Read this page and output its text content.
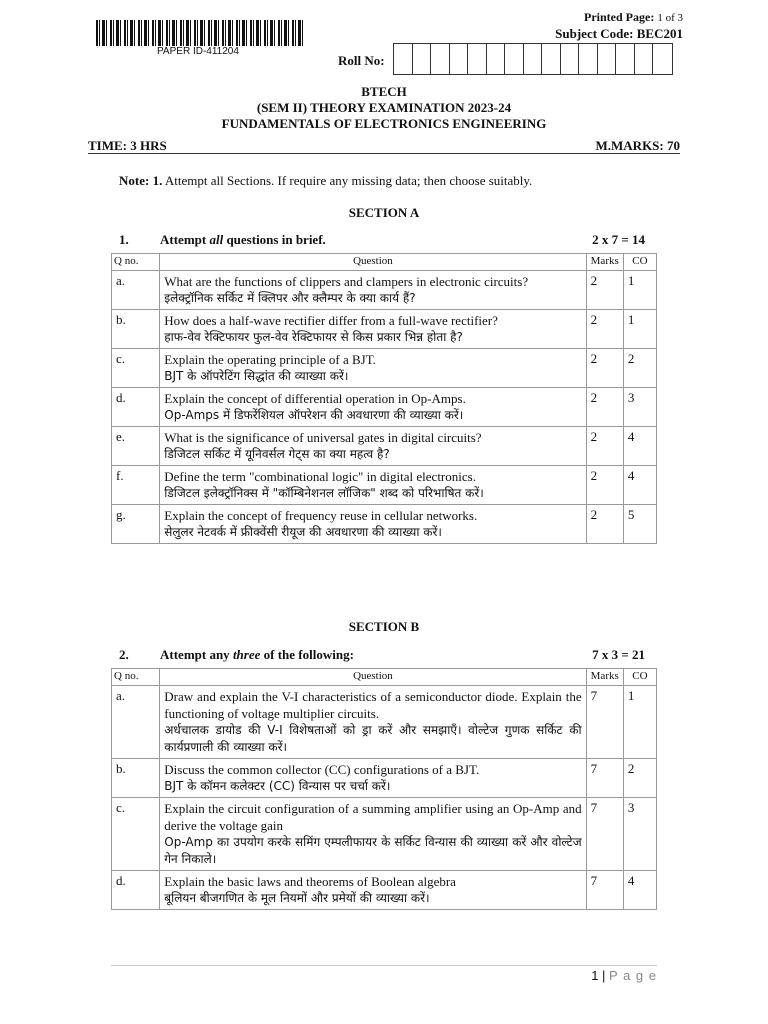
PAPER ID-411204
Printed Page: 1 of 3
Subject Code: BEC201
Roll No:
BTECH
(SEM II) THEORY EXAMINATION 2023-24
FUNDAMENTALS OF ELECTRONICS ENGINEERING
TIME: 3 HRS	M.MARKS: 70
Note: 1. Attempt all Sections. If require any missing data; then choose suitably.
SECTION A
1.	Attempt all questions in brief.	2 x 7 = 14
Q no.	Question	Marks	CO
a.	What are the functions of clippers and clampers in electronic circuits?
इलेक्ट्रॉनिक सर्किट में क्लिपर और क्लैम्पर के क्या कार्य हैं?	2	1
b.	How does a half-wave rectifier differ from a full-wave rectifier?
हाफ-वेव रेक्टिफायर फुल-वेव रेक्टिफायर से किस प्रकार भिन्न होता है?	2	1
c.	Explain the operating principle of a BJT.
BJT के ऑपरेटिंग सिद्धांत की व्याख्या करें।	2	2
d.	Explain the concept of differential operation in Op-Amps.
Op-Amps में डिफरेंशियल ऑपरेशन की अवधारणा की व्याख्या करें।	2	3
e.	What is the significance of universal gates in digital circuits?
डिजिटल सर्किट में यूनिवर्सल गेट्स का क्या महत्व है?	2	4
f.	Define the term "combinational logic" in digital electronics.
डिजिटल इलेक्ट्रॉनिक्स में "कॉम्बिनेशनल लॉजिक" शब्द को परिभाषित करें।	2	4
g.	Explain the concept of frequency reuse in cellular networks.
सेलुलर नेटवर्क में फ्रीक्वेंसी रीयूज की अवधारणा की व्याख्या करें।	2	5
SECTION B
2.	Attempt any three of the following:	7 x 3 = 21
Q no.	Question	Marks	CO
a.	Draw and explain the V-I characteristics of a semiconductor diode. Explain the functioning of voltage multiplier circuits.
अर्धचालक डायोड की V-I विशेषताओं को ड्रा करें और समझाएँ। वोल्टेज गुणक सर्किट की कार्यप्रणाली की व्याख्या करें।	7	1
b.	Discuss the common collector (CC) configurations of a BJT.
BJT के कॉमन कलेक्टर (CC) विन्यास पर चर्चा करें।	7	2
c.	Explain the circuit configuration of a summing amplifier using an Op-Amp and derive the voltage gain
Op-Amp का उपयोग करके समिंग एम्पलीफायर के सर्किट विन्यास की व्याख्या करें और वोल्टेज गेन निकाले।	7	3
d.	Explain the basic laws and theorems of Boolean algebra
बूलियन बीजगणित के मूल नियमों और प्रमेयों की व्याख्या करें।	7	4
1 | P a g e
